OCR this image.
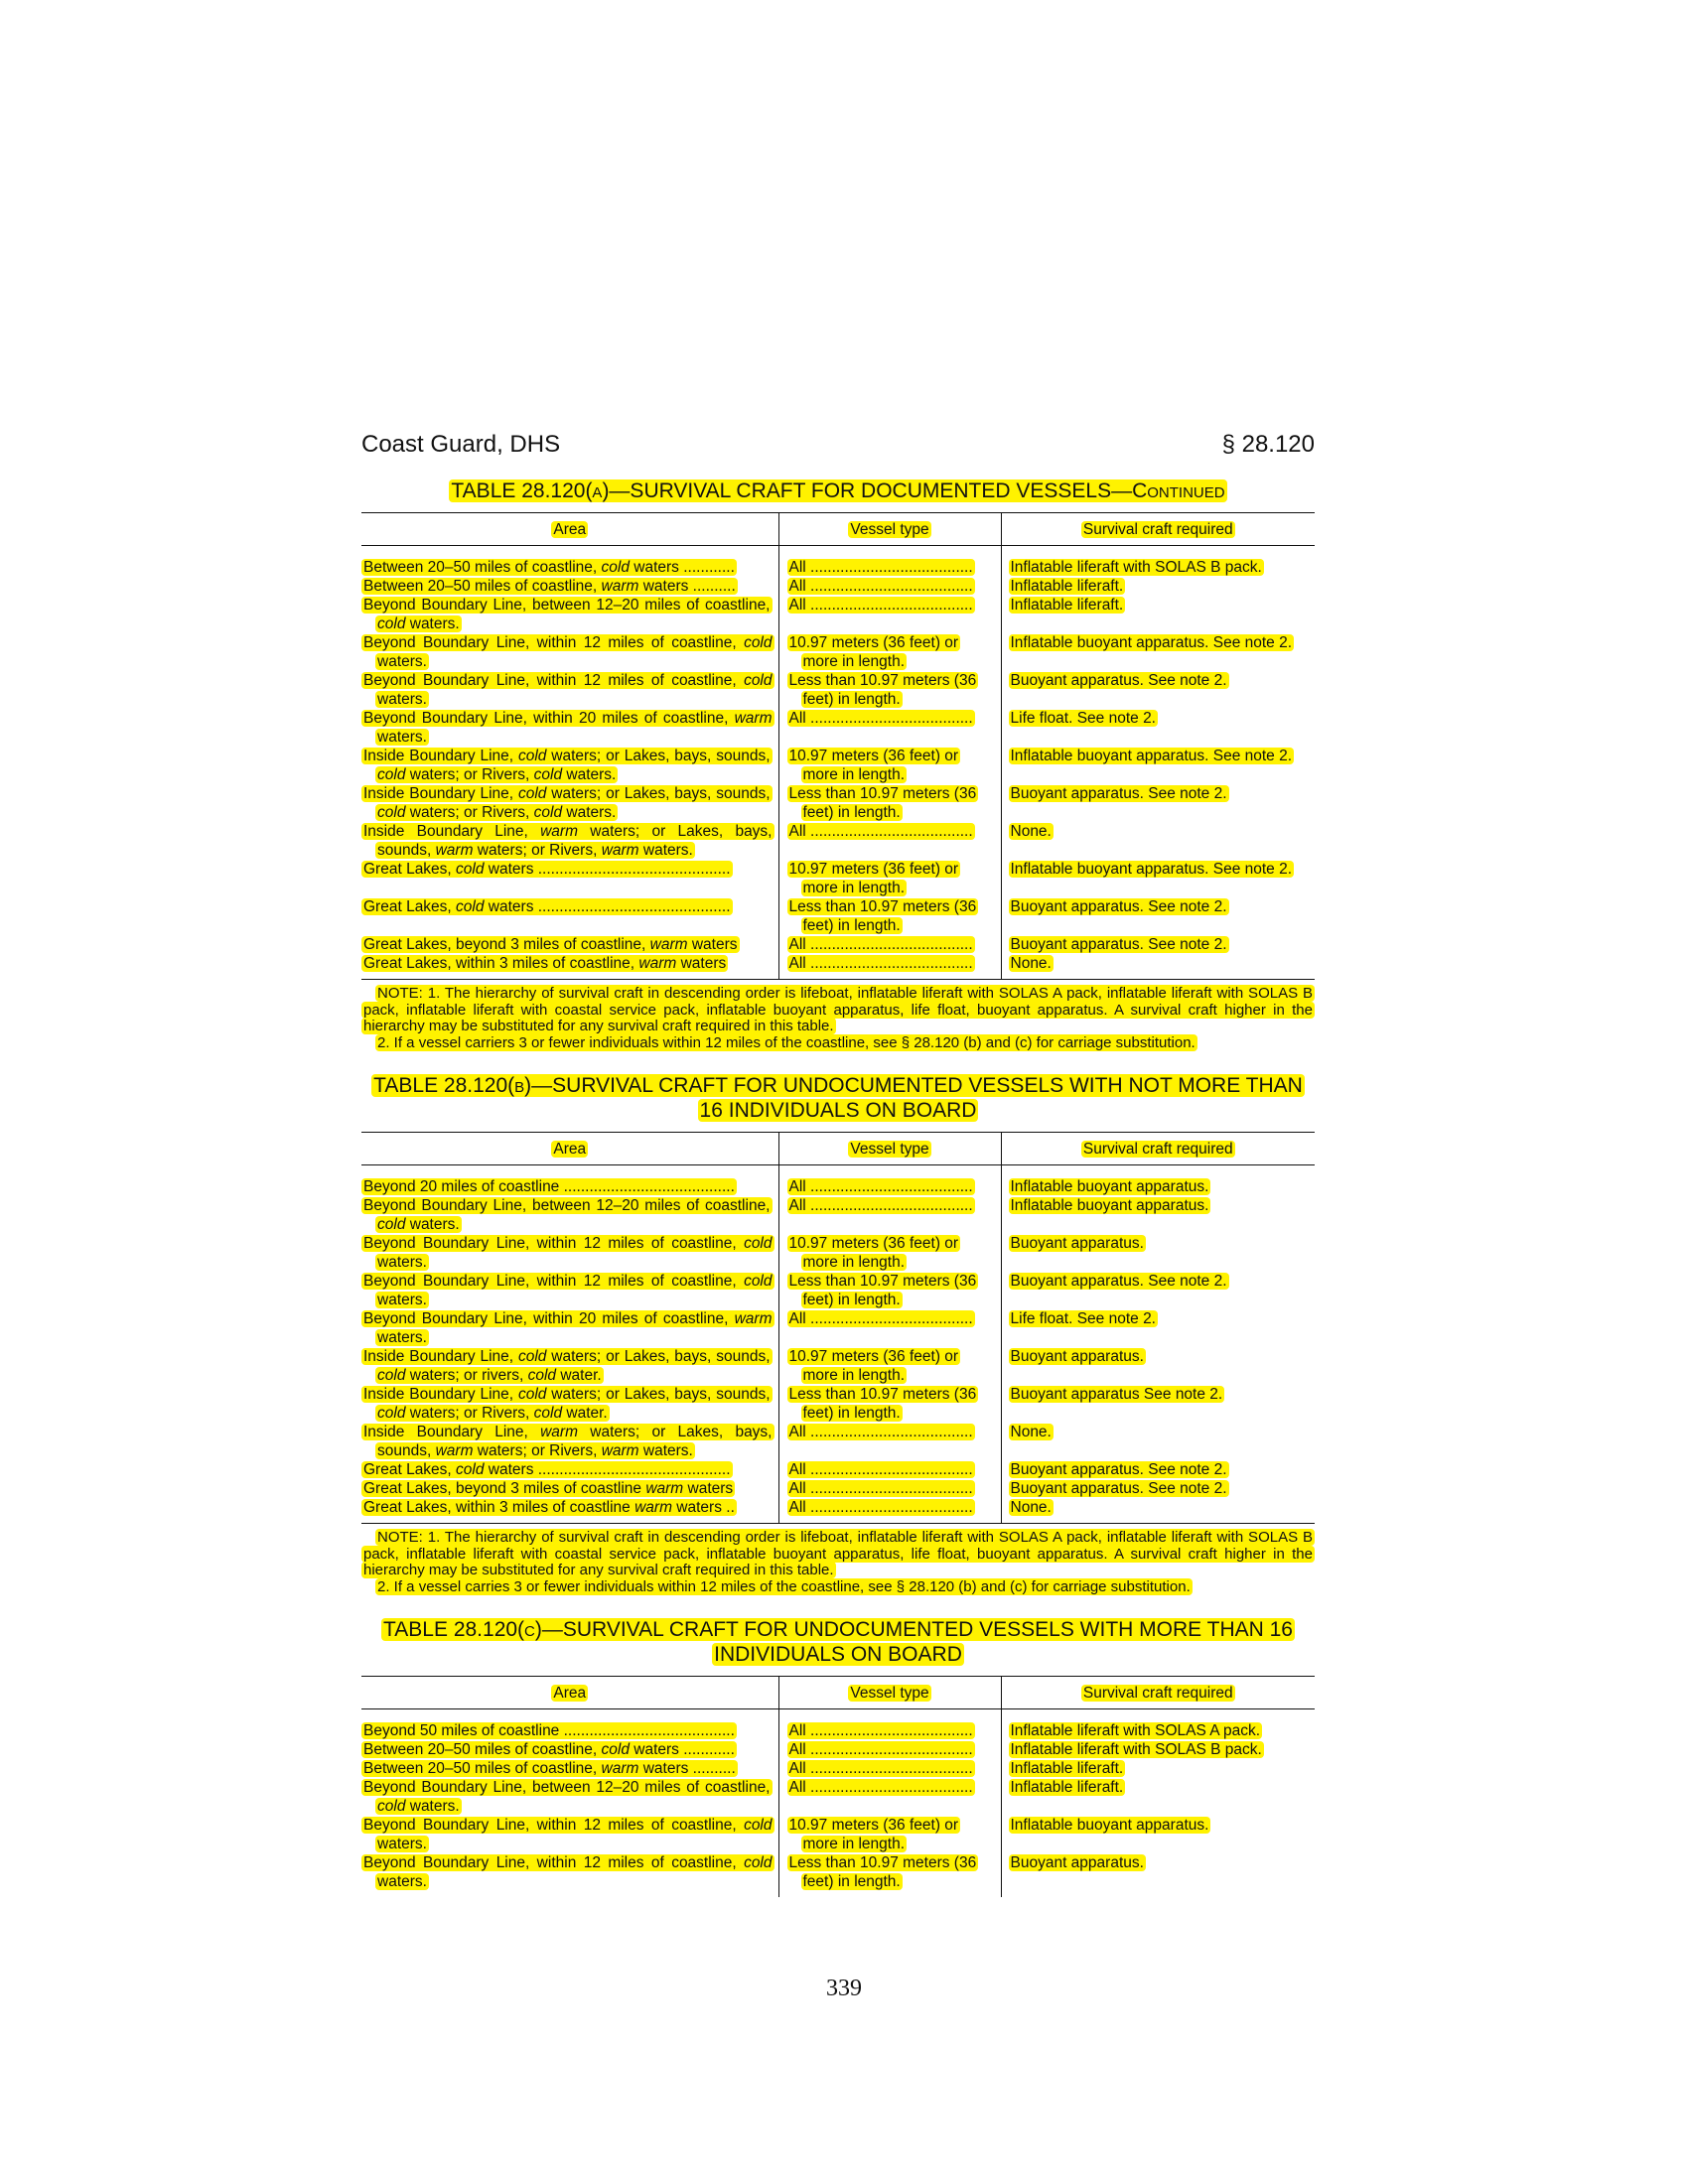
Coast Guard, DHS	§ 28.120
TABLE 28.120(a)—SURVIVAL CRAFT FOR DOCUMENTED VESSELS—Continued
Area	Vessel type	Survival craft required
Between 20–50 miles of coastline, cold waters ............	All ......................................	Inflatable liferaft with SOLAS B pack.
Between 20–50 miles of coastline, warm waters ..........	All ......................................	Inflatable liferaft.
Beyond Boundary Line, between 12–20 miles of coastline, cold waters.	All ......................................	Inflatable liferaft.
Beyond Boundary Line, within 12 miles of coastline, cold waters.	10.97 meters (36 feet) or more in length.	Inflatable buoyant apparatus. See note 2.
Beyond Boundary Line, within 12 miles of coastline, cold waters.	Less than 10.97 meters (36 feet) in length.	Buoyant apparatus. See note 2.
Beyond Boundary Line, within 20 miles of coastline, warm waters.	All ......................................	Life float. See note 2.
Inside Boundary Line, cold waters; or Lakes, bays, sounds, cold waters; or Rivers, cold waters.	10.97 meters (36 feet) or more in length.	Inflatable buoyant apparatus. See note 2.
Inside Boundary Line, cold waters; or Lakes, bays, sounds, cold waters; or Rivers, cold waters.	Less than 10.97 meters (36 feet) in length.	Buoyant apparatus. See note 2.
Inside Boundary Line, warm waters; or Lakes, bays, sounds, warm waters; or Rivers, warm waters.	All ......................................	None.
Great Lakes, cold waters .............................................	10.97 meters (36 feet) or more in length.	Inflatable buoyant apparatus. See note 2.
Great Lakes, cold waters .............................................	Less than 10.97 meters (36 feet) in length.	Buoyant apparatus. See note 2.
Great Lakes, beyond 3 miles of coastline, warm waters	All ......................................	Buoyant apparatus. See note 2.
Great Lakes, within 3 miles of coastline, warm waters	All ......................................	None.
NOTE: 1. The hierarchy of survival craft in descending order is lifeboat, inflatable liferaft with SOLAS A pack, inflatable liferaft with SOLAS B pack, inflatable liferaft with coastal service pack, inflatable buoyant apparatus, life float, buoyant apparatus. A survival craft higher in the hierarchy may be substituted for any survival craft required in this table.
2. If a vessel carriers 3 or fewer individuals within 12 miles of the coastline, see § 28.120 (b) and (c) for carriage substitution.
TABLE 28.120(b)—SURVIVAL CRAFT FOR UNDOCUMENTED VESSELS WITH NOT MORE THAN 16 INDIVIDUALS ON BOARD
Area	Vessel type	Survival craft required
Beyond 20 miles of coastline ........................................	All ......................................	Inflatable buoyant apparatus.
Beyond Boundary Line, between 12–20 miles of coastline, cold waters.	All ......................................	Inflatable buoyant apparatus.
Beyond Boundary Line, within 12 miles of coastline, cold waters.	10.97 meters (36 feet) or more in length.	Buoyant apparatus.
Beyond Boundary Line, within 12 miles of coastline, cold waters.	Less than 10.97 meters (36 feet) in length.	Buoyant apparatus. See note 2.
Beyond Boundary Line, within 20 miles of coastline, warm waters.	All ......................................	Life float. See note 2.
Inside Boundary Line, cold waters; or Lakes, bays, sounds, cold waters; or rivers, cold water.	10.97 meters (36 feet) or more in length.	Buoyant apparatus.
Inside Boundary Line, cold waters; or Lakes, bays, sounds, cold waters; or Rivers, cold water.	Less than 10.97 meters (36 feet) in length.	Buoyant apparatus See note 2.
Inside Boundary Line, warm waters; or Lakes, bays, sounds, warm waters; or Rivers, warm waters.	All ......................................	None.
Great Lakes, cold waters .............................................	All ......................................	Buoyant apparatus. See note 2.
Great Lakes, beyond 3 miles of coastline warm waters	All ......................................	Buoyant apparatus. See note 2.
Great Lakes, within 3 miles of coastline warm waters ..	All ......................................	None.
NOTE: 1. The hierarchy of survival craft in descending order is lifeboat, inflatable liferaft with SOLAS A pack, inflatable liferaft with SOLAS B pack, inflatable liferaft with coastal service pack, inflatable buoyant apparatus, life float, buoyant apparatus. A survival craft higher in the hierarchy may be substituted for any survival craft required in this table.
2. If a vessel carries 3 or fewer individuals within 12 miles of the coastline, see § 28.120 (b) and (c) for carriage substitution.
TABLE 28.120(c)—SURVIVAL CRAFT FOR UNDOCUMENTED VESSELS WITH MORE THAN 16 INDIVIDUALS ON BOARD
Area	Vessel type	Survival craft required
Beyond 50 miles of coastline ........................................	All ......................................	Inflatable liferaft with SOLAS A pack.
Between 20–50 miles of coastline, cold waters ............	All ......................................	Inflatable liferaft with SOLAS B pack.
Between 20–50 miles of coastline, warm waters ..........	All ......................................	Inflatable liferaft.
Beyond Boundary Line, between 12–20 miles of coastline, cold waters.	All ......................................	Inflatable liferaft.
Beyond Boundary Line, within 12 miles of coastline, cold waters.	10.97 meters (36 feet) or more in length.	Inflatable buoyant apparatus.
Beyond Boundary Line, within 12 miles of coastline, cold waters.	Less than 10.97 meters (36 feet) in length.	Buoyant apparatus.
339
